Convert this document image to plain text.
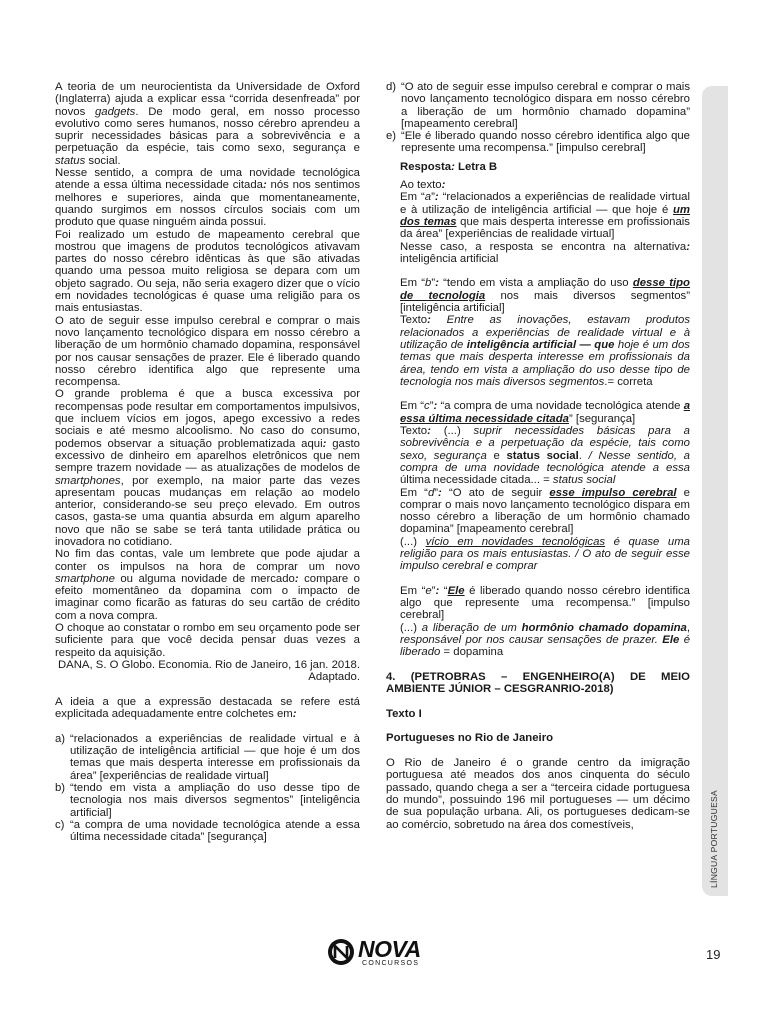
LÍNGUA PORTUGUESA

A teoria de um neurocientista da Universidade de Oxford (Inglaterra) ajuda a explicar essa “corrida desenfreada” por novos gadgets. De modo geral, em nosso processo evolutivo como seres humanos, nosso cérebro aprendeu a suprir necessidades básicas para a sobrevivência e a perpetuação da espécie, tais como sexo, segurança e status social.

Nesse sentido, a compra de uma novidade tecnológica atende a essa última necessidade citada: nós nos sentimos melhores e superiores, ainda que momentaneamente, quando surgimos em nossos círculos sociais com um produto que quase ninguém ainda possui.

Foi realizado um estudo de mapeamento cerebral que mostrou que imagens de produtos tecnológicos ativavam partes do nosso cérebro idênticas às que são ativadas quando uma pessoa muito religiosa se depara com um objeto sagrado. Ou seja, não seria exagero dizer que o vício em novidades tecnológicas é quase uma religião para os mais entusiastas.

O ato de seguir esse impulso cerebral e comprar o mais novo lançamento tecnológico dispara em nosso cérebro a liberação de um hormônio chamado dopamina, responsável por nos causar sensações de prazer. Ele é liberado quando nosso cérebro identifica algo que represente uma recompensa.

O grande problema é que a busca excessiva por recompensas pode resultar em comportamentos impulsivos, que incluem vícios em jogos, apego excessivo a redes sociais e até mesmo alcoolismo. No caso do consumo, podemos observar a situação problematizada aqui: gasto excessivo de dinheiro em aparelhos eletrônicos que nem sempre trazem novidade — as atualizações de modelos de smartphones, por exemplo, na maior parte das vezes apresentam poucas mudanças em relação ao modelo anterior, considerando-se seu preço elevado. Em outros casos, gasta-se uma quantia absurda em algum aparelho novo que não se sabe se terá tanta utilidade prática ou inovadora no cotidiano.

No fim das contas, vale um lembrete que pode ajudar a conter os impulsos na hora de comprar um novo smartphone ou alguma novidade de mercado: compare o efeito momentâneo da dopamina com o impacto de imaginar como ficarão as faturas do seu cartão de crédito com a nova compra.

O choque ao constatar o rombo em seu orçamento pode ser suficiente para que você decida pensar duas vezes a respeito da aquisição.

DANA, S. O Globo. Economia. Rio de Janeiro, 16 jan. 2018. Adaptado.

A ideia a que a expressão destacada se refere está explicitada adequadamente entre colchetes em:

a) “relacionados a experiências de realidade virtual e à utilização de inteligência artificial — que hoje é um dos temas que mais desperta interesse em profissionais da área” [experiências de realidade virtual]
b) “tendo em vista a ampliação do uso desse tipo de tecnologia nos mais diversos segmentos” [inteligência artificial]
c) “a compra de uma novidade tecnológica atende a essa última necessidade citada” [segurança]
d) “O ato de seguir esse impulso cerebral e comprar o mais novo lançamento tecnológico dispara em nosso cérebro a liberação de um hormônio chamado dopamina” [mapeamento cerebral]
e) “Ele é liberado quando nosso cérebro identifica algo que represente uma recompensa.” [impulso cerebral]

Resposta: Letra B

Ao texto:

Em “a”: “relacionados a experiências de realidade virtual e à utilização de inteligência artificial — que hoje é um dos temas que mais desperta interesse em profissionais da área” [experiências de realidade virtual]

Nesse caso, a resposta se encontra na alternativa: inteligência artificial

Em “b”: “tendo em vista a ampliação do uso desse tipo de tecnologia nos mais diversos segmentos” [inteligência artificial]

Texto: Entre as inovações, estavam produtos relacionados a experiências de realidade virtual e à utilização de inteligência artificial — que hoje é um dos temas que mais desperta interesse em profissionais da área, tendo em vista a ampliação do uso desse tipo de tecnologia nos mais diversos segmentos.= correta

Em “c”: “a compra de uma novidade tecnológica atende a essa última necessidade citada” [segurança]

Texto: (...) suprir necessidades básicas para a sobrevivência e a perpetuação da espécie, tais como sexo, segurança e status social. / Nesse sentido, a compra de uma novidade tecnológica atende a essa última necessidade citada... = status social

Em “d”: “O ato de seguir esse impulso cerebral e comprar o mais novo lançamento tecnológico dispara em nosso cérebro a liberação de um hormônio chamado dopamina” [mapeamento cerebral]

(...) vício em novidades tecnológicas é quase uma religião para os mais entusiastas. / O ato de seguir esse impulso cerebral e comprar

Em “e”: “Ele é liberado quando nosso cérebro identifica algo que represente uma recompensa.” [impulso cerebral]

(...) a liberação de um hormônio chamado dopamina, responsável por nos causar sensações de prazer. Ele é liberado = dopamina

4. (PETROBRAS – ENGENHEIRO(A) DE MEIO AMBIENTE JÚNIOR – CESGRANRIO-2018)

Texto I

Portugueses no Rio de Janeiro

O Rio de Janeiro é o grande centro da imigração portuguesa até meados dos anos cinquenta do século passado, quando chega a ser a “terceira cidade portuguesa do mundo”, possuindo 196 mil portugueses — um décimo de sua população urbana. Ali, os portugueses dedicam-se ao comércio, sobretudo na área dos comestíveis,

NOVA
CONCURSOS
19
